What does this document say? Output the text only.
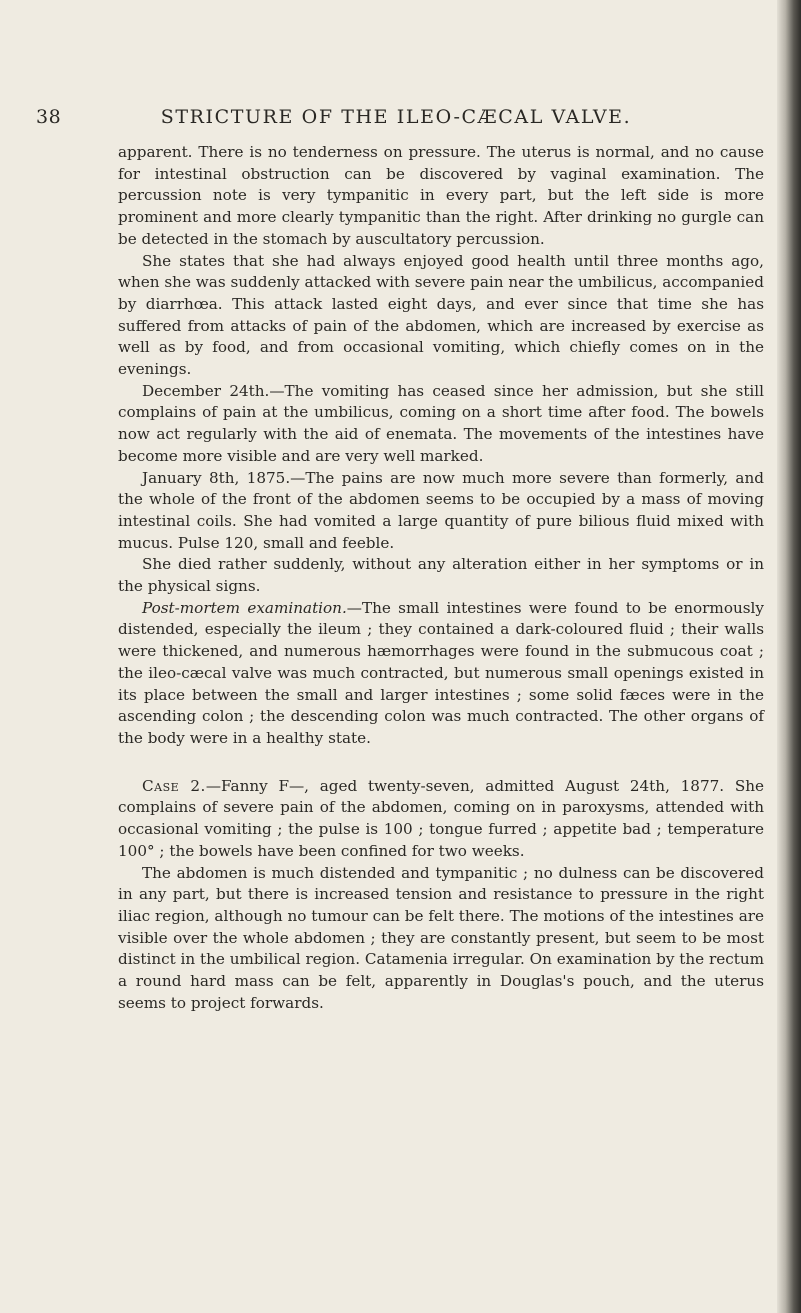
38	STRICTURE OF THE ILEO-CÆCAL VALVE.

apparent. There is no tenderness on pressure. The uterus is normal, and no cause for intestinal obstruction can be discovered by vaginal examination. The percussion note is very tympanitic in every part, but the left side is more prominent and more clearly tympanitic than the right. After drinking no gurgle can be detected in the stomach by auscultatory percussion.

She states that she had always enjoyed good health until three months ago, when she was suddenly attacked with severe pain near the umbilicus, accompanied by diarrhœa. This attack lasted eight days, and ever since that time she has suffered from attacks of pain of the abdomen, which are increased by exercise as well as by food, and from occasional vomiting, which chiefly comes on in the evenings.

December 24th.—The vomiting has ceased since her admission, but she still complains of pain at the umbilicus, coming on a short time after food. The bowels now act regularly with the aid of enemata. The movements of the intestines have become more visible and are very well marked.

January 8th, 1875.—The pains are now much more severe than formerly, and the whole of the front of the abdomen seems to be occupied by a mass of moving intestinal coils. She had vomited a large quantity of pure bilious fluid mixed with mucus. Pulse 120, small and feeble.

She died rather suddenly, without any alteration either in her symptoms or in the physical signs.

Post-mortem examination.—The small intestines were found to be enormously distended, especially the ileum ; they contained a dark-coloured fluid ; their walls were thickened, and numerous hæmorrhages were found in the submucous coat ; the ileo-cæcal valve was much contracted, but numerous small openings existed in its place between the small and larger intestines ; some solid fæces were in the ascending colon ; the descending colon was much contracted. The other organs of the body were in a healthy state.

Case 2.—Fanny F—, aged twenty-seven, admitted August 24th, 1877. She complains of severe pain of the abdomen, coming on in paroxysms, attended with occasional vomiting ; the pulse is 100 ; tongue furred ; appetite bad ; temperature 100° ; the bowels have been confined for two weeks.

The abdomen is much distended and tympanitic ; no dulness can be discovered in any part, but there is increased tension and resistance to pressure in the right iliac region, although no tumour can be felt there. The motions of the intestines are visible over the whole abdomen ; they are constantly present, but seem to be most distinct in the umbilical region. Catamenia irregular. On examination by the rectum a round hard mass can be felt, apparently in Douglas's pouch, and the uterus seems to project forwards.
